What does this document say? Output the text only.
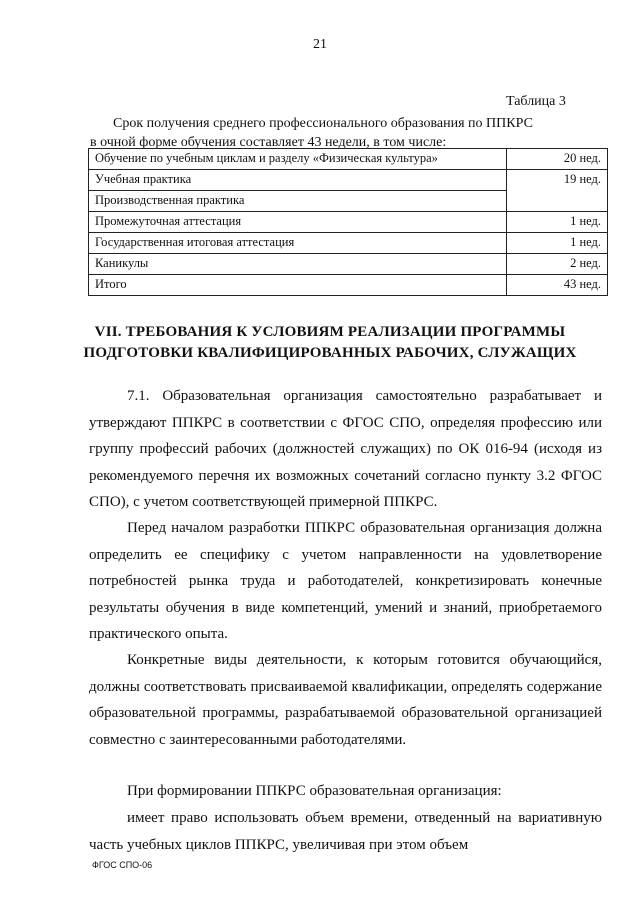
21
Таблица 3
Срок получения среднего профессионального образования по ППКРС
в очной форме обучения составляет 43 недели, в том числе:
Обучение по учебным циклам и разделу «Физическая культура»	20 нед.
Учебная практика	19 нед.
Производственная практика	
Промежуточная аттестация	1 нед.
Государственная итоговая аттестация	1 нед.
Каникулы	2 нед.
Итого	43 нед.
VII. ТРЕБОВАНИЯ К УСЛОВИЯМ РЕАЛИЗАЦИИ ПРОГРАММЫ
ПОДГОТОВКИ КВАЛИФИЦИРОВАННЫХ РАБОЧИХ, СЛУЖАЩИХ

7.1. Образовательная организация самостоятельно разрабатывает и утверждают ППКРС в соответствии с ФГОС СПО, определяя профессию или группу профессий рабочих (должностей служащих) по ОК 016-94 (исходя из рекомендуемого перечня их возможных сочетаний согласно пункту 3.2 ФГОС СПО), с учетом соответствующей примерной ППКРС.

Перед началом разработки ППКРС образовательная организация должна определить ее специфику с учетом направленности на удовлетворение потребностей рынка труда и работодателей, конкретизировать конечные результаты обучения в виде компетенций, умений и знаний, приобретаемого практического опыта.

Конкретные виды деятельности, к которым готовится обучающийся, должны соответствовать присваиваемой квалификации, определять содержание образовательной программы, разрабатываемой образовательной организацией совместно с заинтересованными работодателями.

При формировании ППКРС образовательная организация:

имеет право использовать объем времени, отведенный на вариативную часть учебных циклов ППКРС, увеличивая при этом объем

ФГОС СПО-06
